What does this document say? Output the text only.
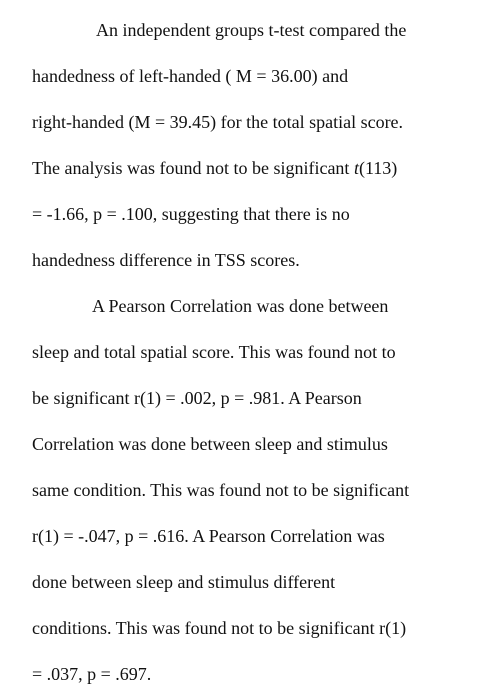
An independent groups t-test compared the
handedness of left-handed ( M = 36.00) and
right-handed (M = 39.45) for the total spatial score.
The analysis was found not to be significant t(113)
= -1.66, p = .100, suggesting that there is no
handedness difference in TSS scores.
A Pearson Correlation was done between
sleep and total spatial score. This was found not to
be significant r(1) = .002, p = .981. A Pearson
Correlation was done between sleep and stimulus
same condition. This was found not to be significant
r(1) = -.047, p = .616. A Pearson Correlation was
done between sleep and stimulus different
conditions. This was found not to be significant r(1)
= .037, p = .697.
